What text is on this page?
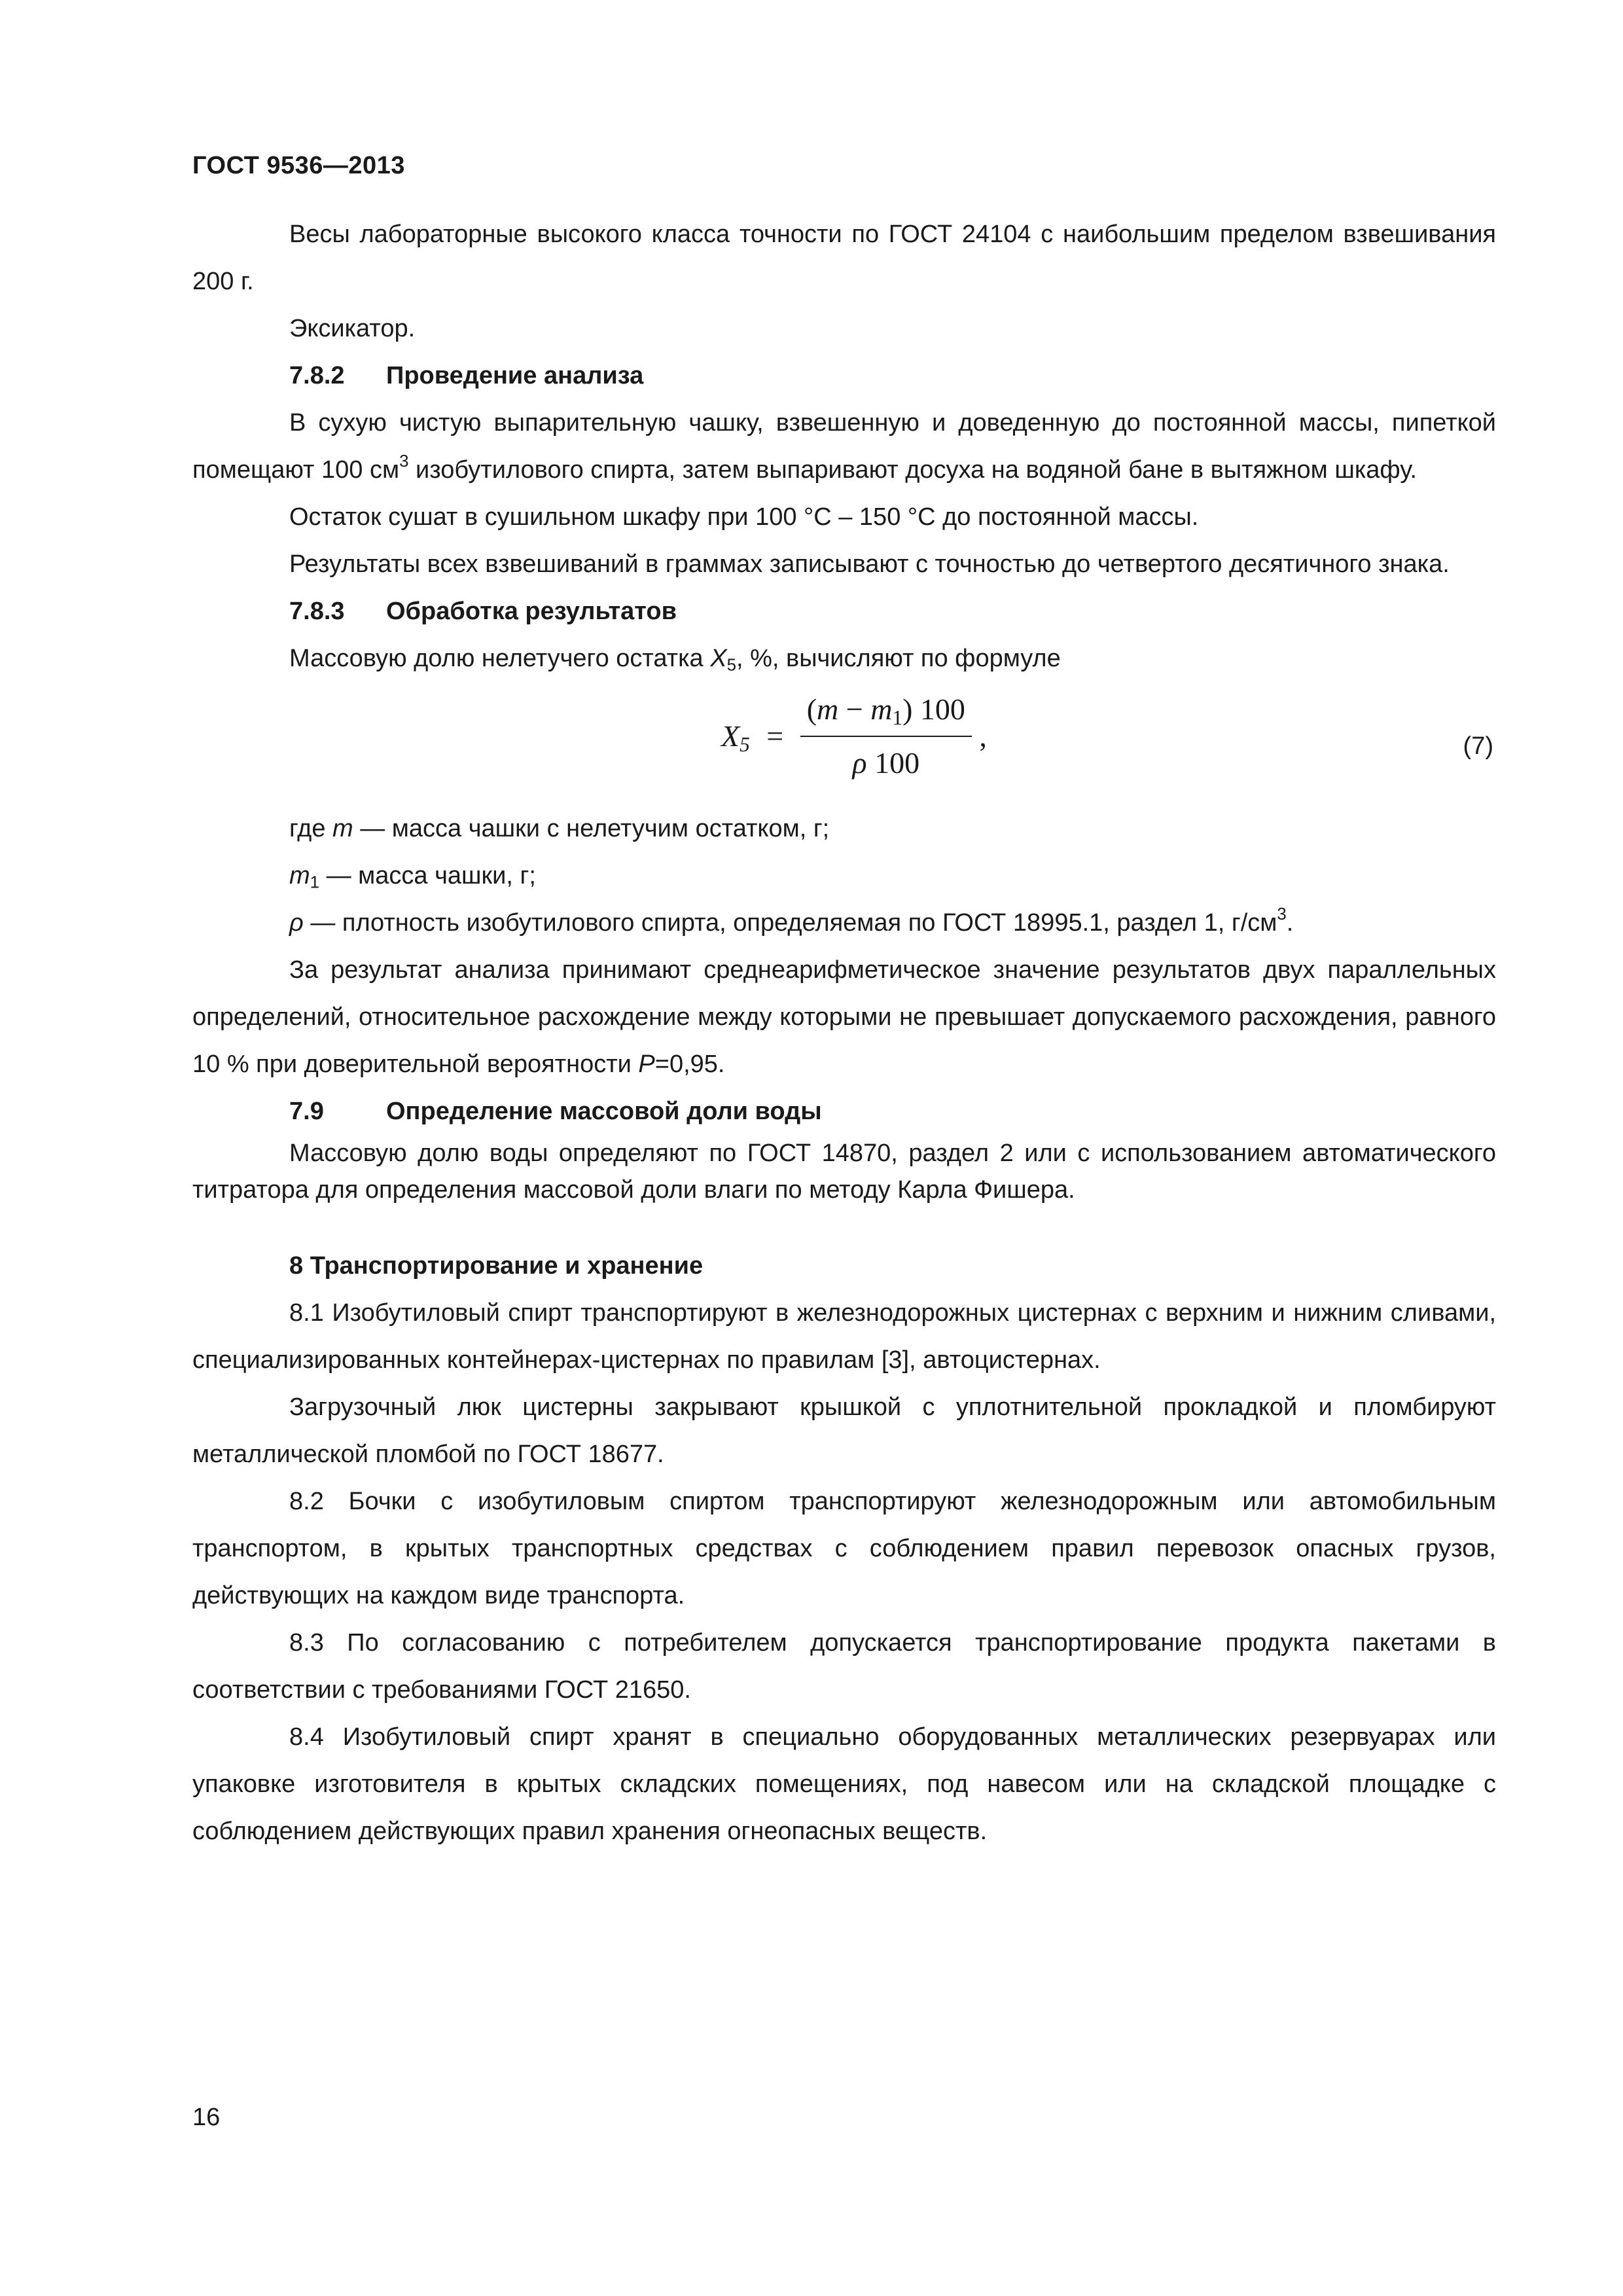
ГОСТ 9536—2013

Весы лабораторные высокого класса точности по ГОСТ 24104 с наибольшим пределом взвешивания 200 г.

Эксикатор.

7.8.2 Проведение анализа

В сухую чистую выпарительную чашку, взвешенную и доведенную до постоянной массы, пипеткой помещают 100 $см^3$ изобутилового спирта, затем выпаривают досуха на водяной бане в вытяжном шкафу.

Остаток сушат в сушильном шкафу при 100 °С – 150 °С до постоянной массы.

Результаты всех взвешиваний в граммах записывают с точностью до четвертого десятичного знака.

7.8.3 Обработка результатов

Массовую долю нелетучего остатка $X_5$, %, вычисляют по формуле

$X_5 = \frac{(m - m_1) 100}{\rho 100}$ ,	(7)

где m — масса чашки с нелетучим остатком, г;

$m_1$ — масса чашки, г;

ρ — плотность изобутилового спирта, определяемая по ГОСТ 18995.1, раздел 1, $г/см^3$.

За результат анализа принимают среднеарифметическое значение результатов двух параллельных определений, относительное расхождение между которыми не превышает допускаемого расхождения, равного 10 % при доверительной вероятности Р=0,95.

7.9	Определение массовой доли воды

Массовую долю воды определяют по ГОСТ 14870, раздел 2 или с использованием автоматического титратора для определения массовой доли влаги по методу Карла Фишера.

8 Транспортирование и хранение

8.1 Изобутиловый спирт транспортируют в железнодорожных цистернах с верхним и нижним сливами, специализированных контейнерах-цистернах по правилам [3], автоцистернах.

Загрузочный люк цистерны закрывают крышкой с уплотнительной прокладкой и пломбируют металлической пломбой по ГОСТ 18677.

8.2 Бочки с изобутиловым спиртом транспортируют железнодорожным или автомобильным транспортом, в крытых транспортных средствах с соблюдением правил перевозок опасных грузов, действующих на каждом виде транспорта.

8.3 По согласованию с потребителем допускается транспортирование продукта пакетами в соответствии с требованиями ГОСТ 21650.

8.4 Изобутиловый спирт хранят в специально оборудованных металлических резервуарах или упаковке изготовителя в крытых складских помещениях, под навесом или на складской площадке с соблюдением действующих правил хранения огнеопасных веществ.

16
